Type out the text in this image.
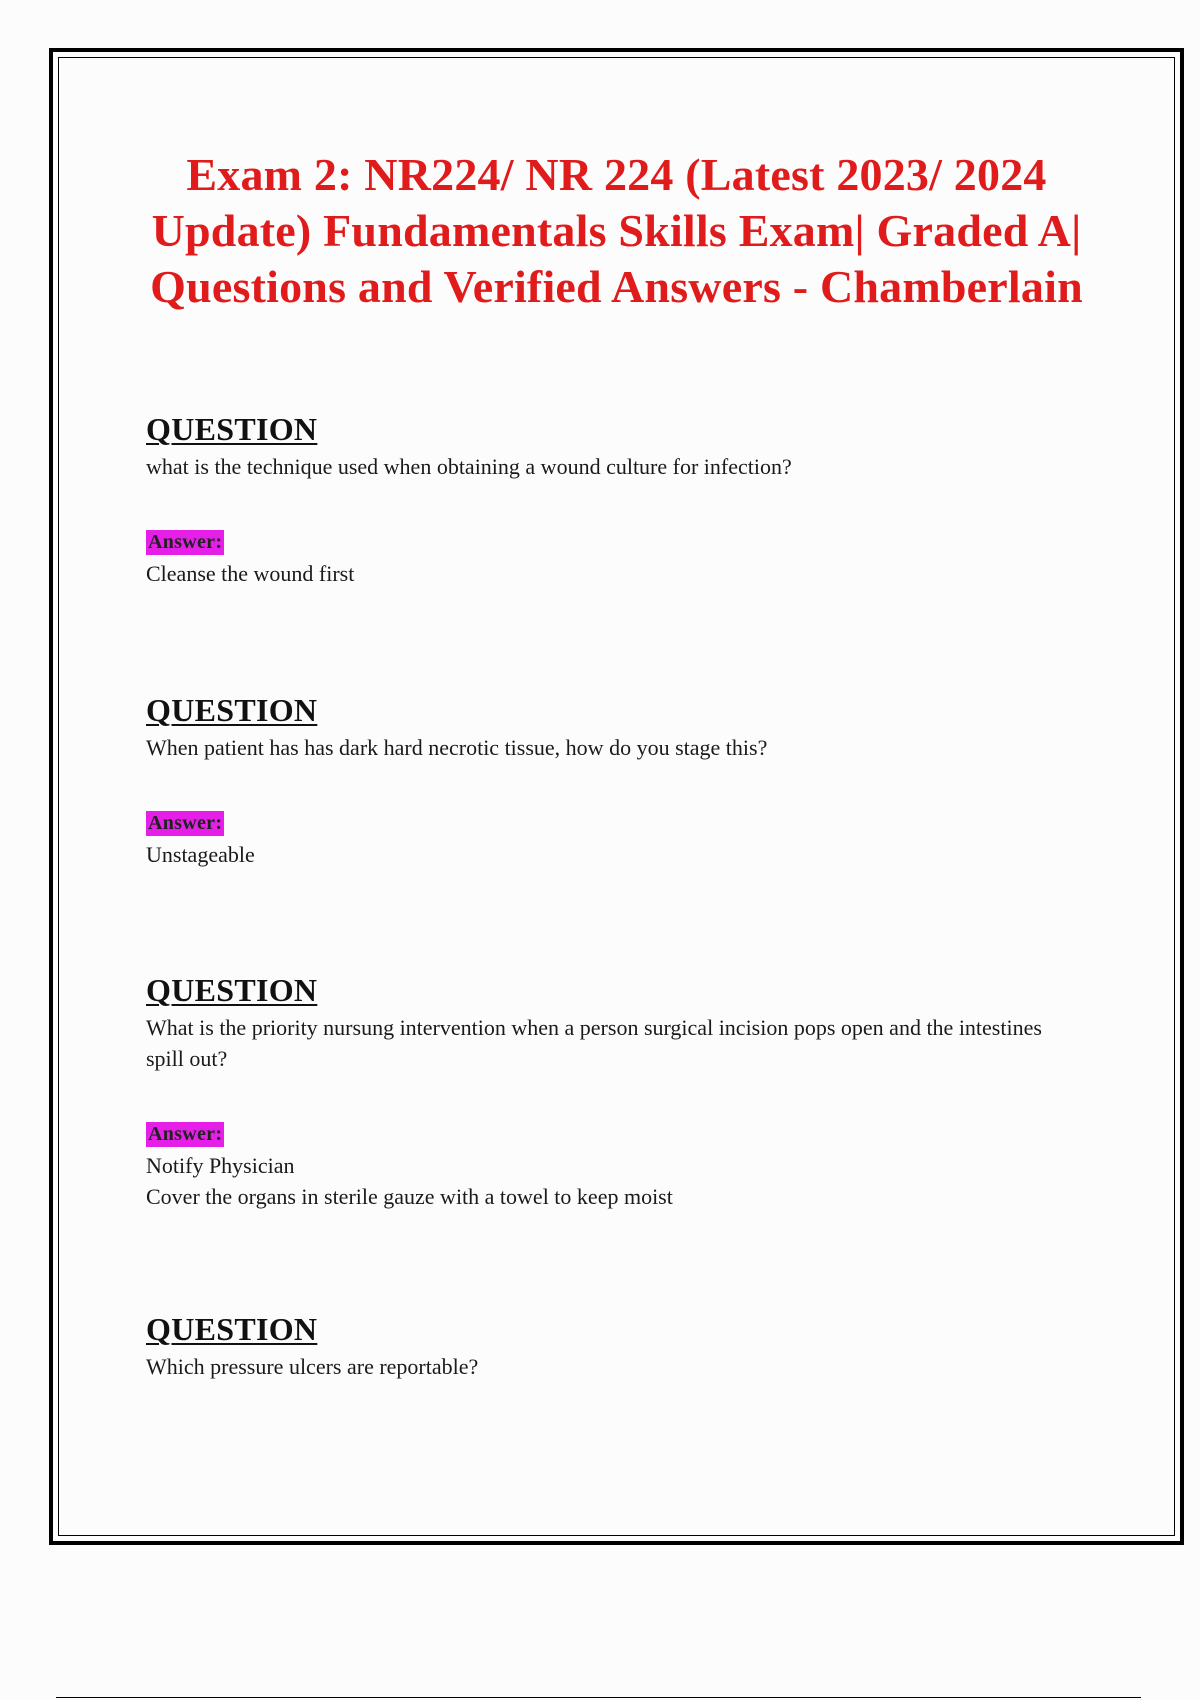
Exam 2: NR224/ NR 224 (Latest 2023/ 2024 Update) Fundamentals Skills Exam| Graded A| Questions and Verified Answers - Chamberlain
QUESTION

what is the technique used when obtaining a wound culture for infection?

Answer:

Cleanse the wound first

QUESTION

When patient has has dark hard necrotic tissue, how do you stage this?

Answer:

Unstageable

QUESTION

What is the priority nursung intervention when a person surgical incision pops open and the intestines spill out?

Answer:

Notify Physician

Cover the organs in sterile gauze with a towel to keep moist

QUESTION

Which pressure ulcers are reportable?
